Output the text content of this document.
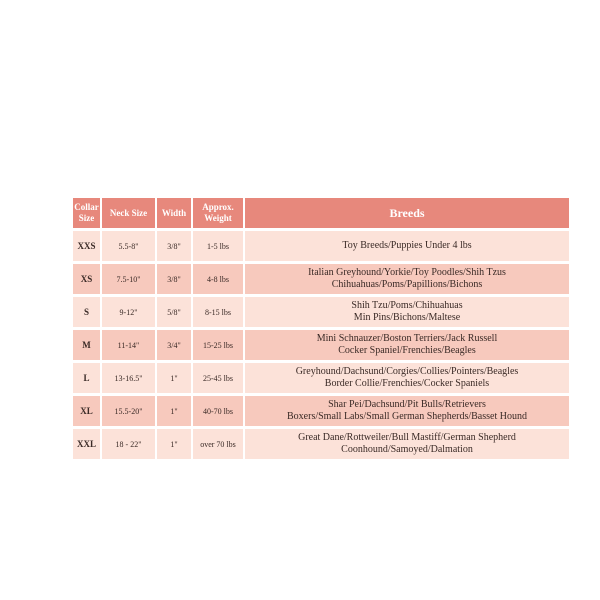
Collar Size	Neck Size	Width	Approx. Weight	Breeds
XXS	5.5-8"	3/8"	1-5 lbs	Toy Breeds/Puppies Under 4 lbs

XS	7.5-10"	3/8"	4-8 lbs	Italian Greyhound/Yorkie/Toy Poodles/Shih Tzus
Chihuahuas/Poms/Papillions/Bichons

S	9-12"	5/8"	8-15 lbs	Shih Tzu/Poms/Chihuahuas
Min Pins/Bichons/Maltese

M	11-14"	3/4"	15-25 lbs	Mini Schnauzer/Boston Terriers/Jack Russell
Cocker Spaniel/Frenchies/Beagles

L	13-16.5"	1"	25-45 lbs	Greyhound/Dachsund/Corgies/Collies/Pointers/Beagles
Border Collie/Frenchies/Cocker Spaniels

XL	15.5-20"	1"	40-70 lbs	Shar Pei/Dachsund/Pit Bulls/Retrievers
Boxers/Small Labs/Small German Shepherds/Basset Hound

XXL	18 - 22"	1"	over 70 lbs	Great Dane/Rottweiler/Bull Mastiff/German Shepherd
Coonhound/Samoyed/Dalmation
